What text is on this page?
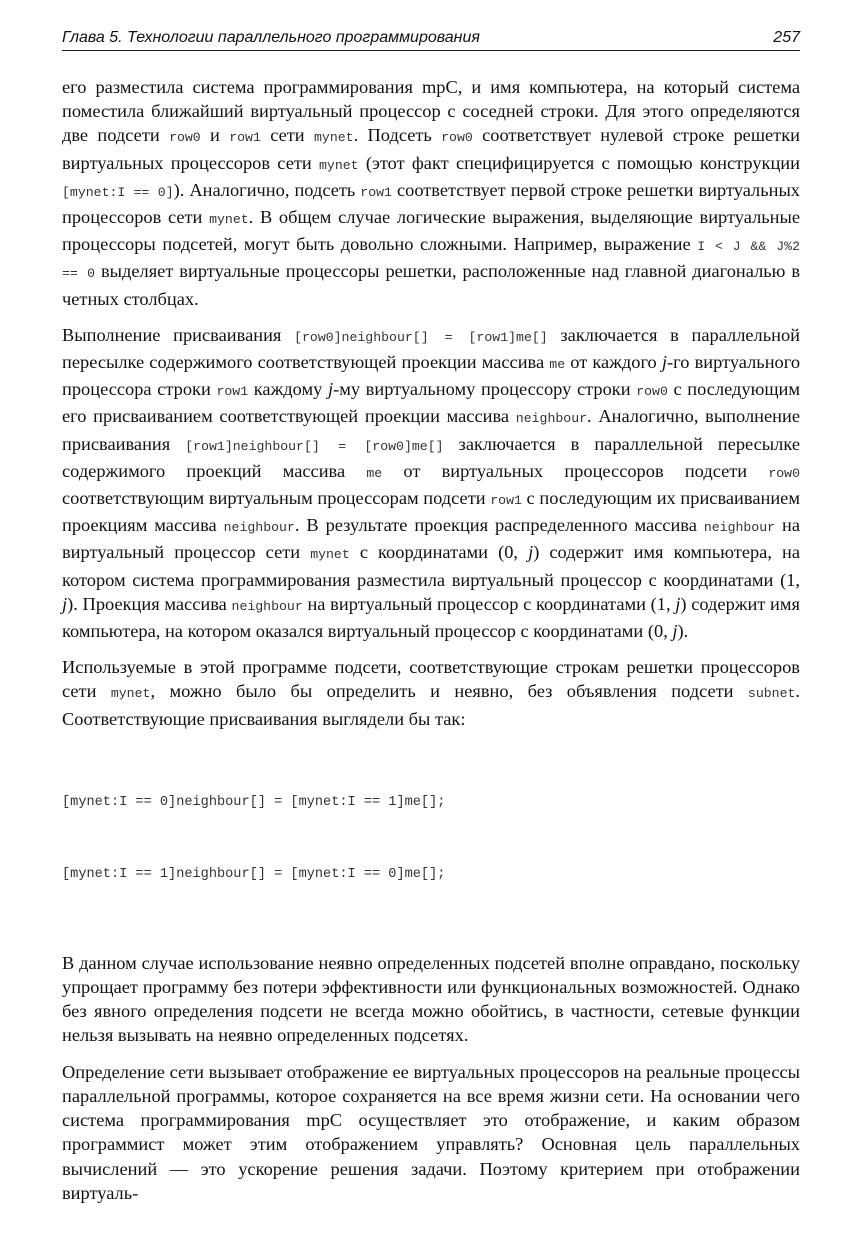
Глава 5. Технологии параллельного программирования	257

его разместила система программирования mpC, и имя компьютера, на который система поместила ближайший виртуальный процессор с соседней строки. Для этого определяются две подсети row0 и row1 сети mynet. Подсеть row0 соответствует нулевой строке решетки виртуальных процессоров сети mynet (этот факт специфицируется с помощью конструкции [mynet:I == 0]). Аналогично, подсеть row1 соответствует первой строке решетки виртуальных процессоров сети mynet. В общем случае логические выражения, выделяющие виртуальные процессоры подсетей, могут быть довольно сложными. Например, выражение I < J && J%2 == 0 выделяет виртуальные процессоры решетки, расположенные над главной диагональю в четных столбцах.

Выполнение присваивания [row0]neighbour[] = [row1]me[] заключается в параллельной пересылке содержимого соответствующей проекции массива me от каждого j-го виртуального процессора строки row1 каждому j-му виртуальному процессору строки row0 с последующим его присваиванием соответствующей проекции массива neighbour. Аналогично, выполнение присваивания [row1]neighbour[] = [row0]me[] заключается в параллельной пересылке содержимого проекций массива me от виртуальных процессоров подсети row0 соответствующим виртуальным процессорам подсети row1 с последующим их присваиванием проекциям массива neighbour. В результате проекция распределенного массива neighbour на виртуальный процессор сети mynet с координатами (0, j) содержит имя компьютера, на котором система программирования разместила виртуальный процессор с координатами (1, j). Проекция массива neighbour на виртуальный процессор с координатами (1, j) содержит имя компьютера, на котором оказался виртуальный процессор с координатами (0, j).

Используемые в этой программе подсети, соответствующие строкам решетки процессоров сети mynet, можно было бы определить и неявно, без объявления подсети subnet. Соответствующие присваивания выглядели бы так:

[mynet:I == 0]neighbour[] = [mynet:I == 1]me[];

[mynet:I == 1]neighbour[] = [mynet:I == 0]me[];

В данном случае использование неявно определенных подсетей вполне оправдано, поскольку упрощает программу без потери эффективности или функциональных возможностей. Однако без явного определения подсети не всегда можно обойтись, в частности, сетевые функции нельзя вызывать на неявно определенных подсетях.

Определение сети вызывает отображение ее виртуальных процессоров на реальные процессы параллельной программы, которое сохраняется на все время жизни сети. На основании чего система программирования mpC осуществляет это отображение, и каким образом программист может этим отображением управлять? Основная цель параллельных вычислений — это ускорение решения задачи. Поэтому критерием при отображении виртуаль-
